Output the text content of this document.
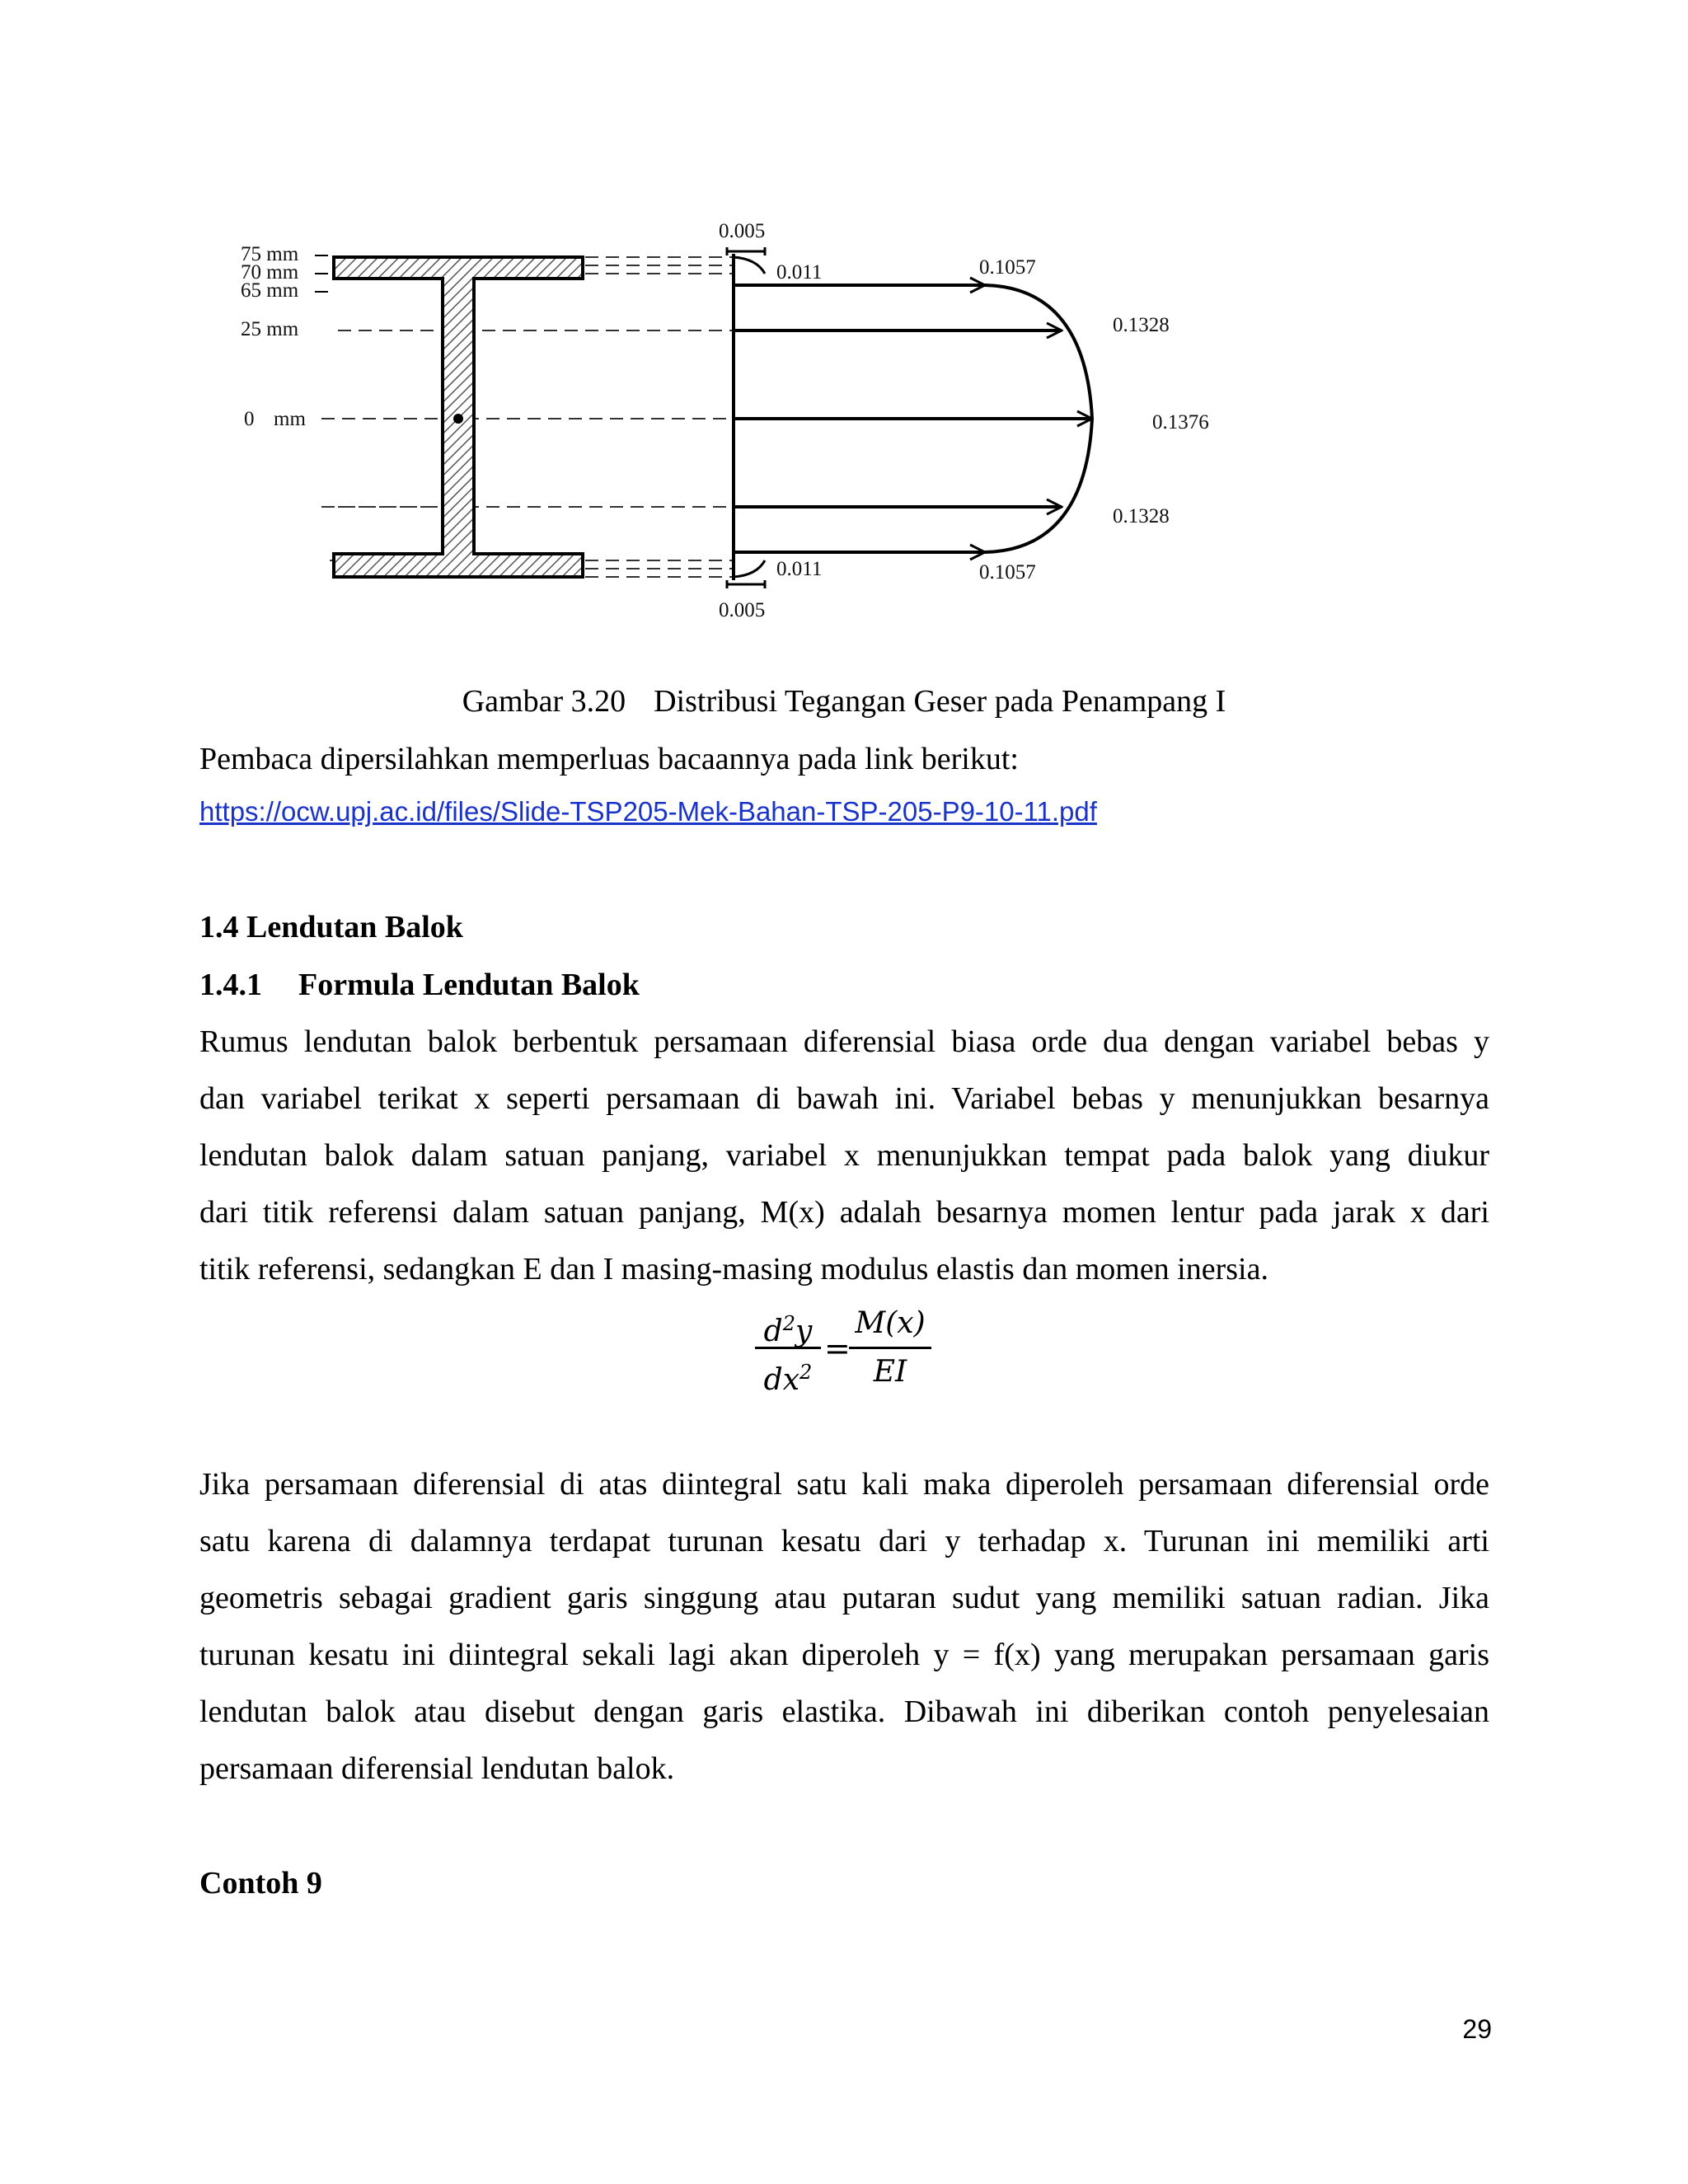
75 mm
70 mm
65 mm
25 mm
0 mm
0.005
0.011	0.1057
0.1328
0.1376
0.1328
0.011	0.1057
0.005
Gambar 3.20 Distribusi Tegangan Geser pada Penampang I
Pembaca dipersilahkan memperluas bacaannya pada link berikut:
https://ocw.upj.ac.id/files/Slide-TSP205-Mek-Bahan-TSP-205-P9-10-11.pdf
1.4 Lendutan Balok
1.4.1 Formula Lendutan Balok
Rumus lendutan balok berbentuk persamaan diferensial biasa orde dua dengan variabel bebas y
dan variabel terikat x seperti persamaan di bawah ini. Variabel bebas y menunjukkan besarnya
lendutan balok dalam satuan panjang, variabel x menunjukkan tempat pada balok yang diukur
dari titik referensi dalam satuan panjang, M(x) adalah besarnya momen lentur pada jarak x dari
titik referensi, sedangkan E dan I masing-masing modulus elastis dan momen inersia.
$d^2y$
$dx^2$
=
M(x)
EI
Jika persamaan diferensial di atas diintegral satu kali maka diperoleh persamaan diferensial orde
satu karena di dalamnya terdapat turunan kesatu dari y terhadap x. Turunan ini memiliki arti
geometris sebagai gradient garis singgung atau putaran sudut yang memiliki satuan radian. Jika
turunan kesatu ini diintegral sekali lagi akan diperoleh y = f(x) yang merupakan persamaan garis
lendutan balok atau disebut dengan garis elastika. Dibawah ini diberikan contoh penyelesaian
persamaan diferensial lendutan balok.
Contoh 9
29
